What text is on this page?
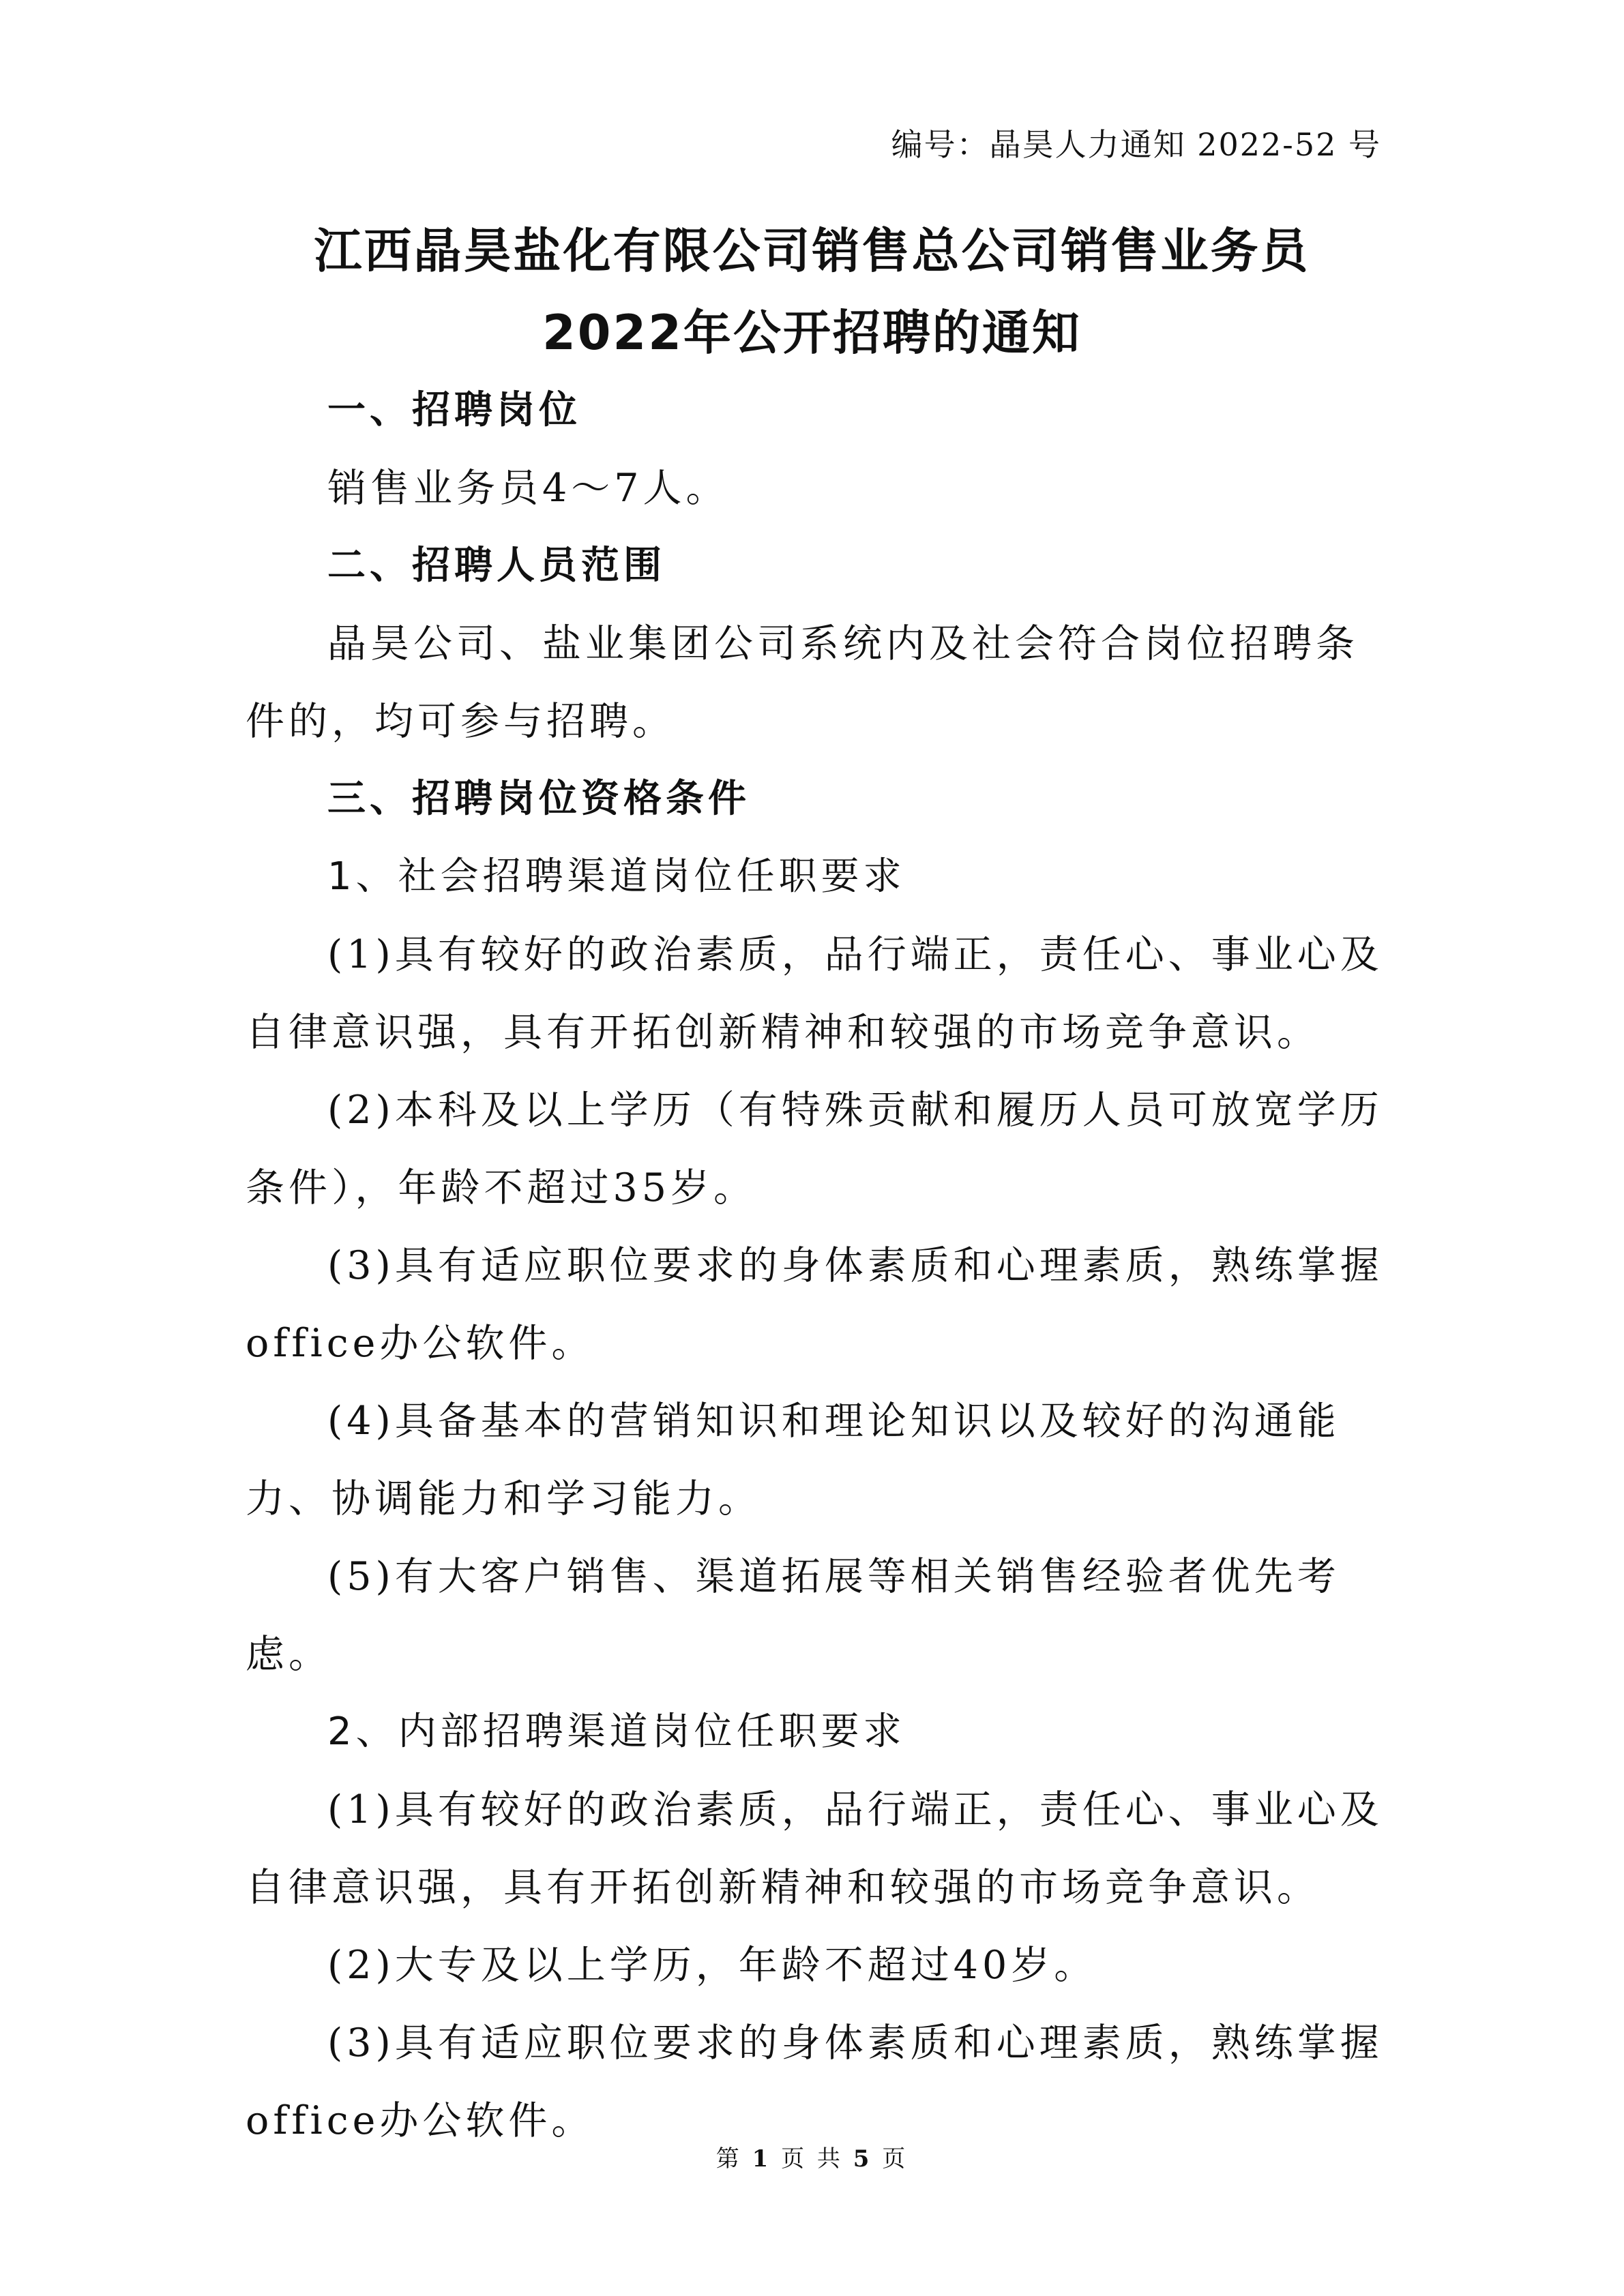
编号：晶昊人力通知 2022-52 号
江西晶昊盐化有限公司销售总公司销售业务员
2022年公开招聘的通知

一、招聘岗位

销售业务员4～7人。

二、招聘人员范围

晶昊公司、盐业集团公司系统内及社会符合岗位招聘条件的，均可参与招聘。

三、招聘岗位资格条件

1、社会招聘渠道岗位任职要求

(1)具有较好的政治素质，品行端正，责任心、事业心及自律意识强，具有开拓创新精神和较强的市场竞争意识。

(2)本科及以上学历（有特殊贡献和履历人员可放宽学历条件），年龄不超过35岁。

(3)具有适应职位要求的身体素质和心理素质，熟练掌握office办公软件。

(4)具备基本的营销知识和理论知识以及较好的沟通能力、协调能力和学习能力。

(5)有大客户销售、渠道拓展等相关销售经验者优先考虑。

2、内部招聘渠道岗位任职要求

(1)具有较好的政治素质，品行端正，责任心、事业心及自律意识强，具有开拓创新精神和较强的市场竞争意识。

(2)大专及以上学历，年龄不超过40岁。

(3)具有适应职位要求的身体素质和心理素质，熟练掌握office办公软件。

第 1 页 共 5 页
